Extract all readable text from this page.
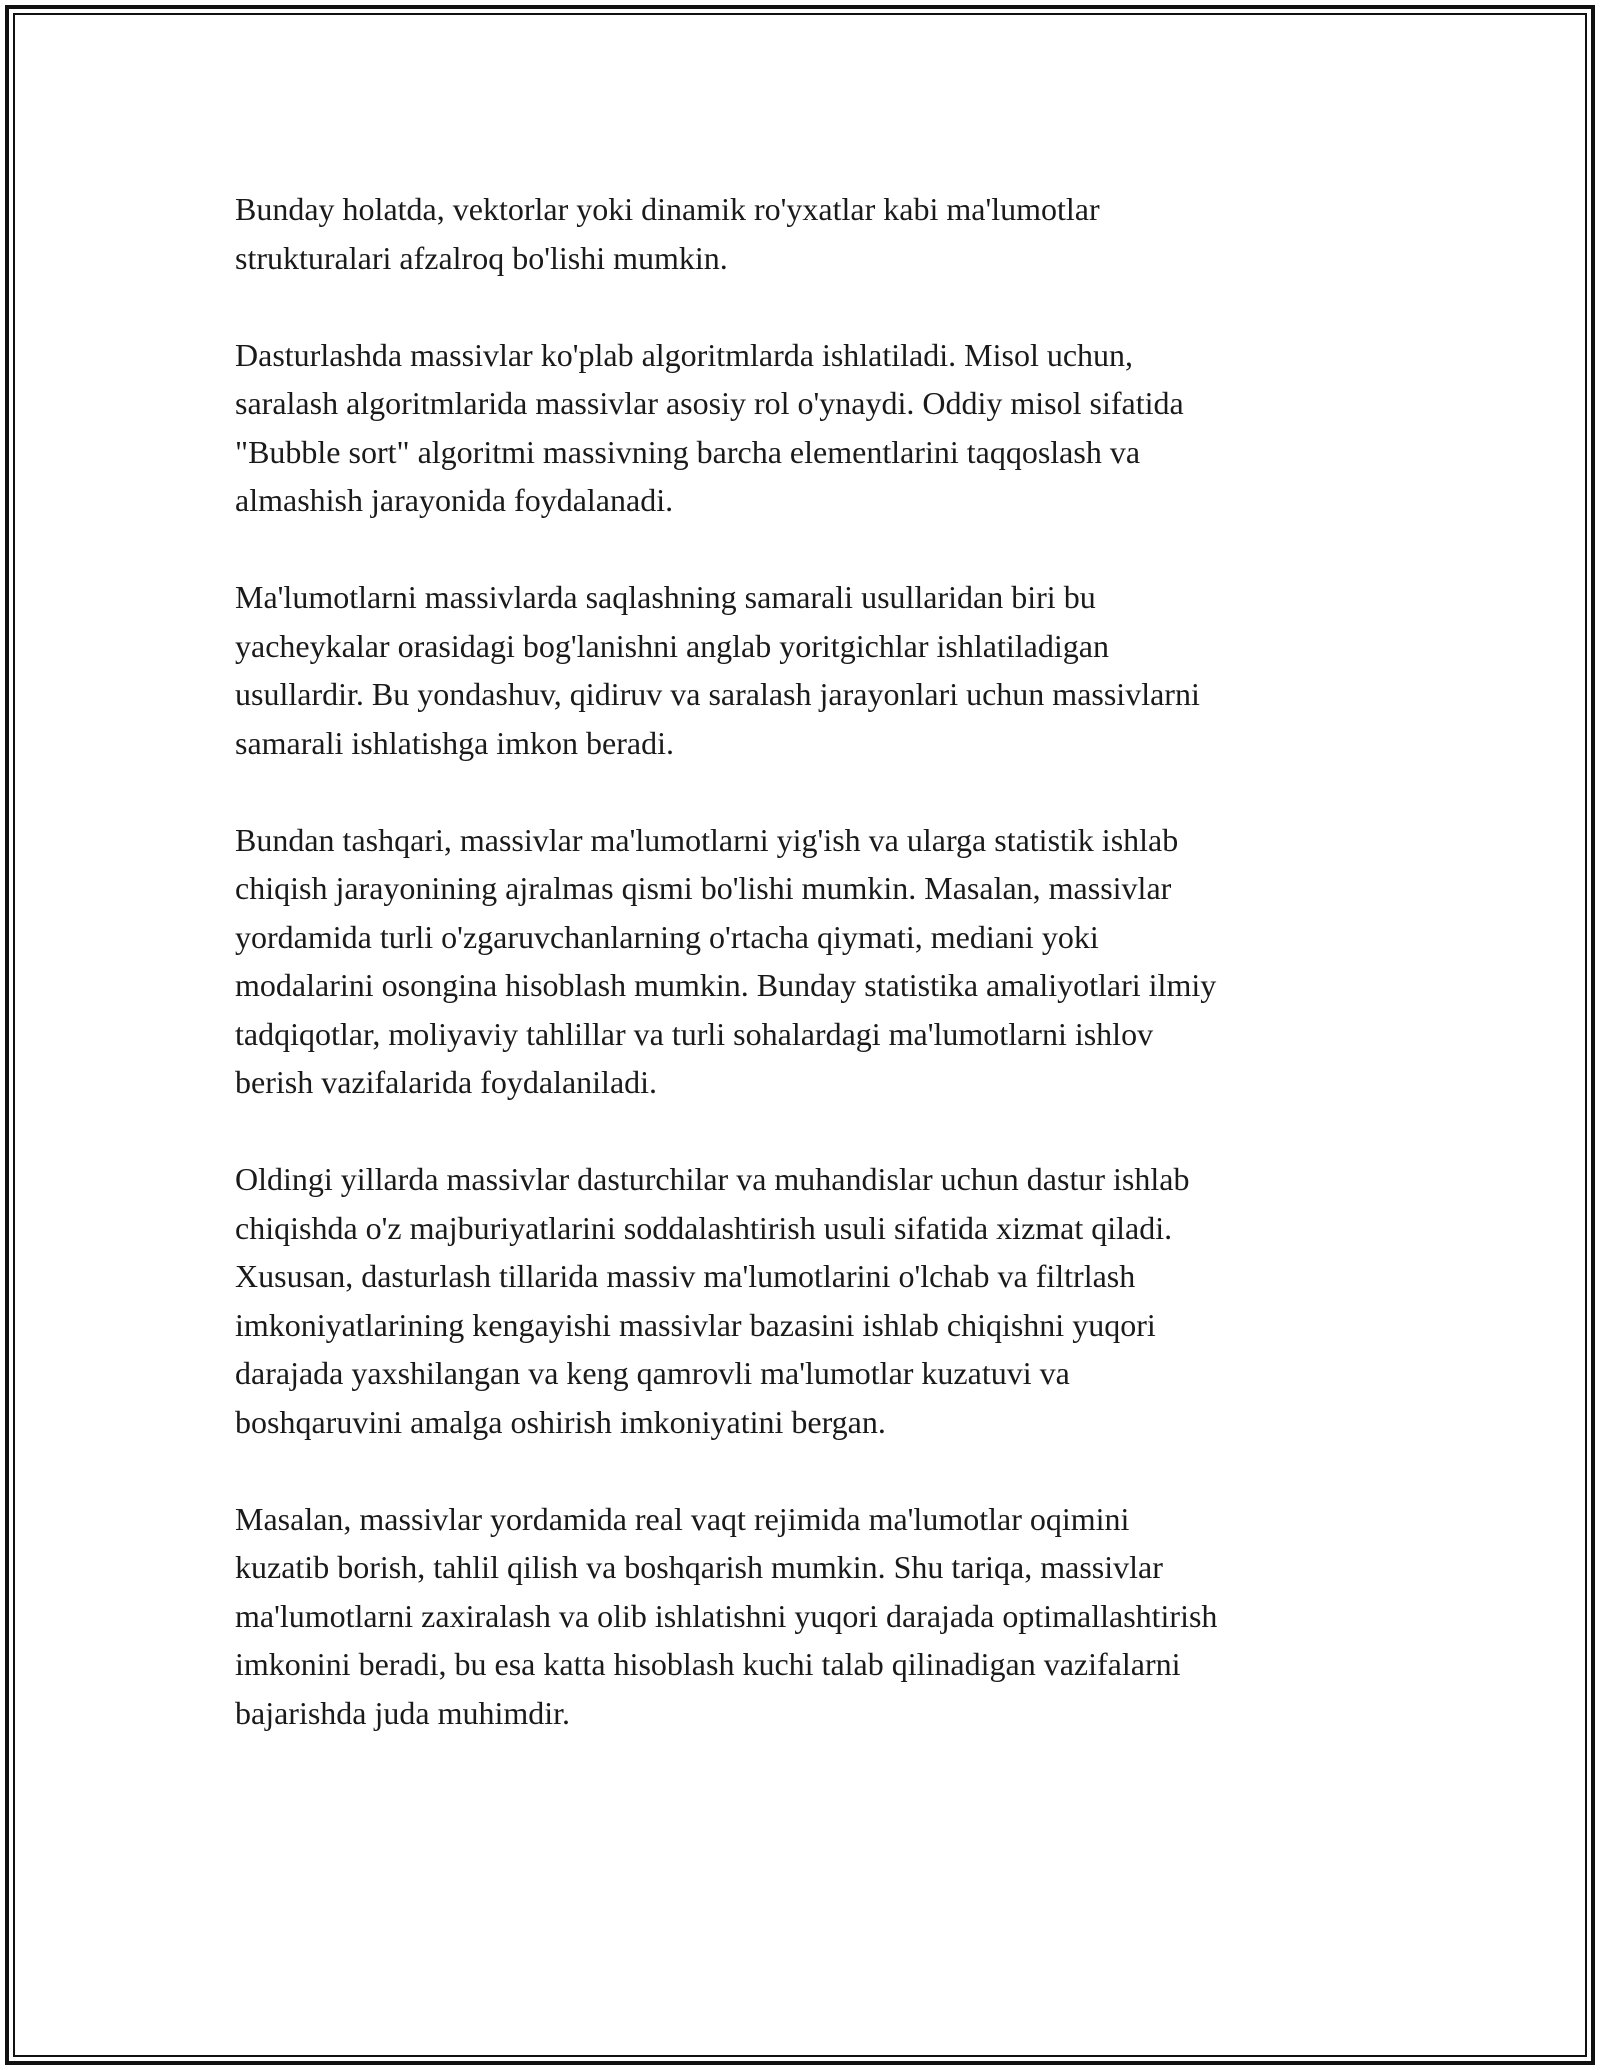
Bunday holatda, vektorlar yoki dinamik ro'yxatlar kabi ma'lumotlar
strukturalari afzalroq bo'lishi mumkin.

Dasturlashda massivlar ko'plab algoritmlarda ishlatiladi. Misol uchun,
saralash algoritmlarida massivlar asosiy rol o'ynaydi. Oddiy misol sifatida
"Bubble sort" algoritmi massivning barcha elementlarini taqqoslash va
almashish jarayonida foydalanadi.

Ma'lumotlarni massivlarda saqlashning samarali usullaridan biri bu
yacheykalar orasidagi bog'lanishni anglab yoritgichlar ishlatiladigan
usullardir. Bu yondashuv, qidiruv va saralash jarayonlari uchun massivlarni
samarali ishlatishga imkon beradi.

Bundan tashqari, massivlar ma'lumotlarni yig'ish va ularga statistik ishlab
chiqish jarayonining ajralmas qismi bo'lishi mumkin. Masalan, massivlar
yordamida turli o'zgaruvchanlarning o'rtacha qiymati, mediani yoki
modalarini osongina hisoblash mumkin. Bunday statistika amaliyotlari ilmiy
tadqiqotlar, moliyaviy tahlillar va turli sohalardagi ma'lumotlarni ishlov
berish vazifalarida foydalaniladi.

Oldingi yillarda massivlar dasturchilar va muhandislar uchun dastur ishlab
chiqishda o'z majburiyatlarini soddalashtirish usuli sifatida xizmat qiladi.
Xususan, dasturlash tillarida massiv ma'lumotlarini o'lchab va filtrlash
imkoniyatlarining kengayishi massivlar bazasini ishlab chiqishni yuqori
darajada yaxshilangan va keng qamrovli ma'lumotlar kuzatuvi va
boshqaruvini amalga oshirish imkoniyatini bergan.

Masalan, massivlar yordamida real vaqt rejimida ma'lumotlar oqimini
kuzatib borish, tahlil qilish va boshqarish mumkin. Shu tariqa, massivlar
ma'lumotlarni zaxiralash va olib ishlatishni yuqori darajada optimallashtirish
imkonini beradi, bu esa katta hisoblash kuchi talab qilinadigan vazifalarni
bajarishda juda muhimdir.
